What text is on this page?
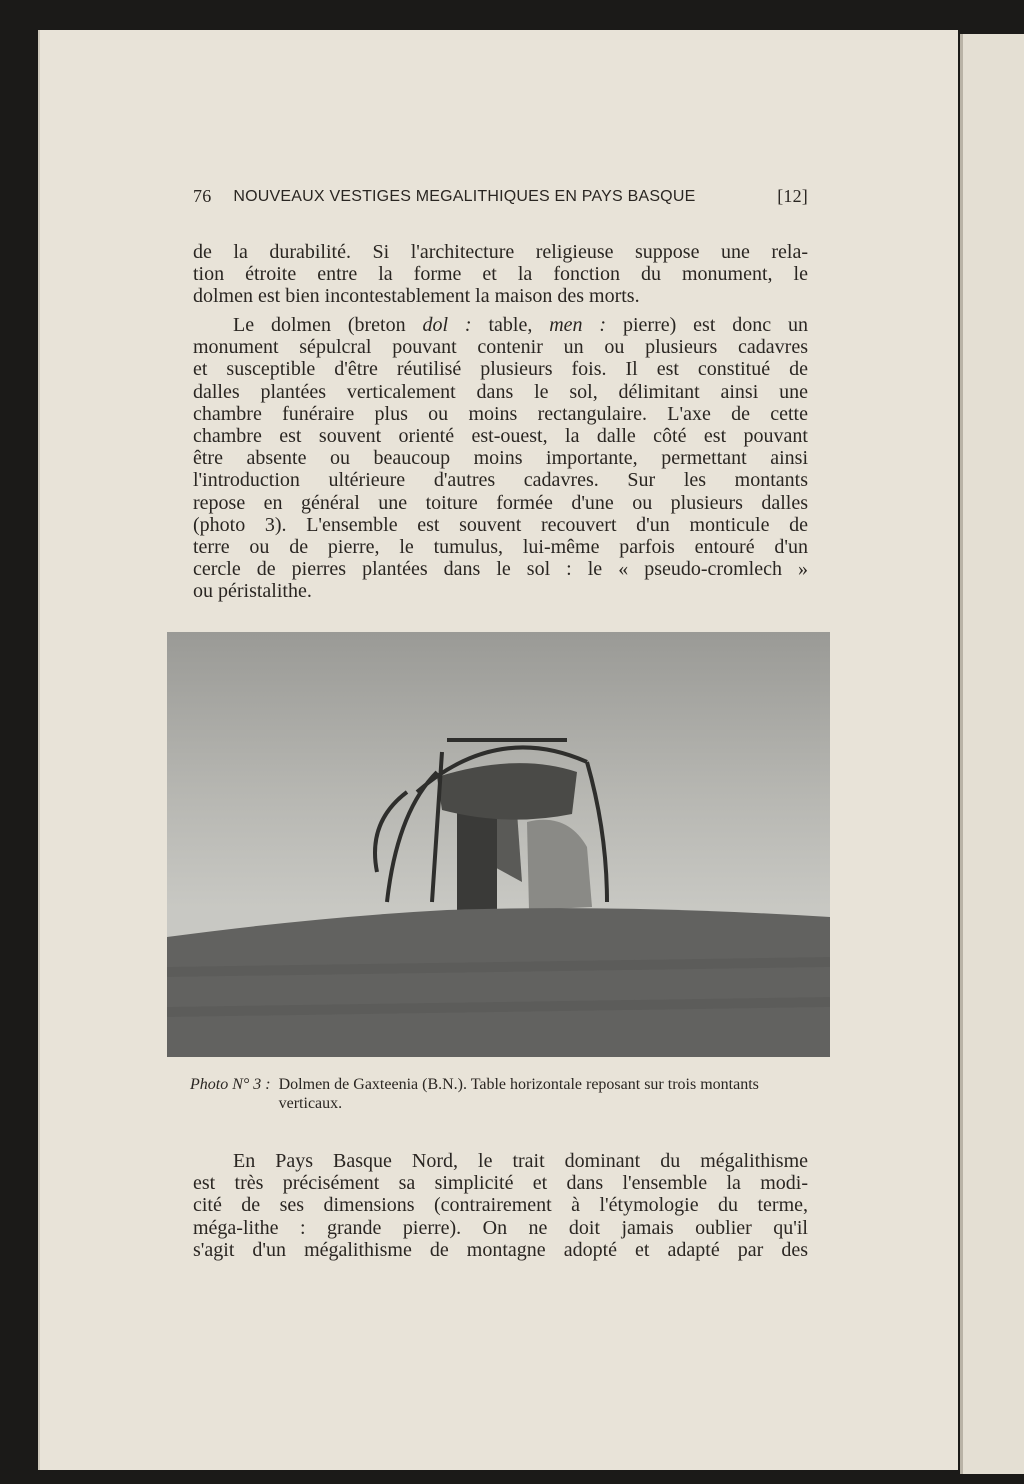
76 NOUVEAUX VESTIGES MEGALITHIQUES EN PAYS BASQUE	[12]
de la durabilité. Si l'architecture religieuse suppose une rela-
tion étroite entre la forme et la fonction du monument, le
dolmen est bien incontestablement la maison des morts.
Le dolmen (breton dol : table, men : pierre) est donc un
monument sépulcral pouvant contenir un ou plusieurs cadavres
et susceptible d'être réutilisé plusieurs fois. Il est constitué de
dalles plantées verticalement dans le sol, délimitant ainsi une
chambre funéraire plus ou moins rectangulaire. L'axe de cette
chambre est souvent orienté est-ouest, la dalle côté est pouvant
être absente ou beaucoup moins importante, permettant ainsi
l'introduction ultérieure d'autres cadavres. Sur les montants
repose en général une toiture formée d'une ou plusieurs dalles
(photo 3). L'ensemble est souvent recouvert d'un monticule de
terre ou de pierre, le tumulus, lui-même parfois entouré d'un
cercle de pierres plantées dans le sol : le « pseudo-cromlech »
ou péristalithe.
Photo N° 3 : Dolmen de Gaxteenia (B.N.). Table horizontale reposant sur trois montants verticaux.
En Pays Basque Nord, le trait dominant du mégalithisme
est très précisément sa simplicité et dans l'ensemble la modi-
cité de ses dimensions (contrairement à l'étymologie du terme,
méga-lithe : grande pierre). On ne doit jamais oublier qu'il
s'agit d'un mégalithisme de montagne adopté et adapté par des
